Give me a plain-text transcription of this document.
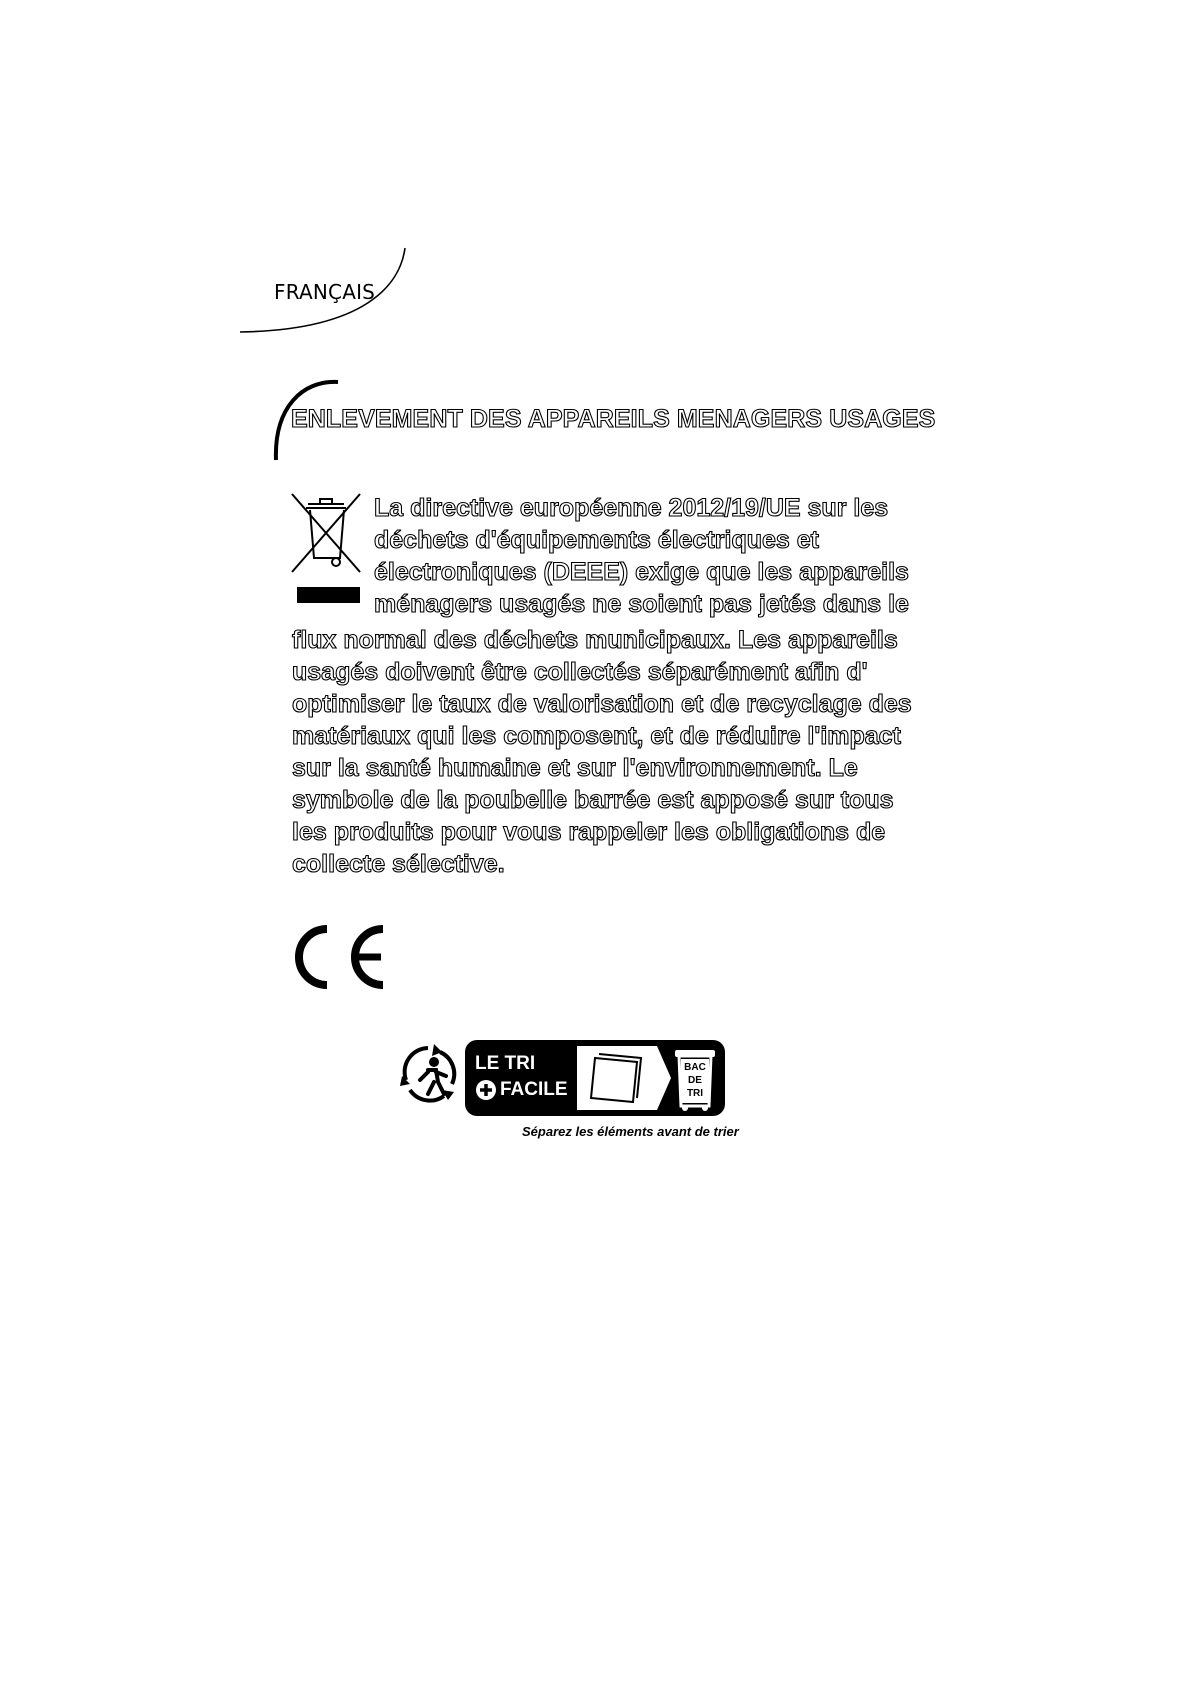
FRANÇAIS
ENLEVEMENT DES APPAREILS MENAGERS USAGES
La directive européenne 2012/19/UE sur les
déchets d'équipements électriques et
électroniques (DEEE) exige que les appareils
ménagers usagés ne soient pas jetés dans le
flux normal des déchets municipaux. Les appareils
usagés doivent être collectés séparément afin d'
optimiser le taux de valorisation et de recyclage des
matériaux qui les composent, et de réduire l'impact
sur la santé humaine et sur l'environnement. Le
symbole de la poubelle barrée est apposé sur tous
les produits pour vous rappeler les obligations de
collecte sélective.
LE TRI
FACILE
BAC
DE
TRI
Séparez les éléments avant de trier
